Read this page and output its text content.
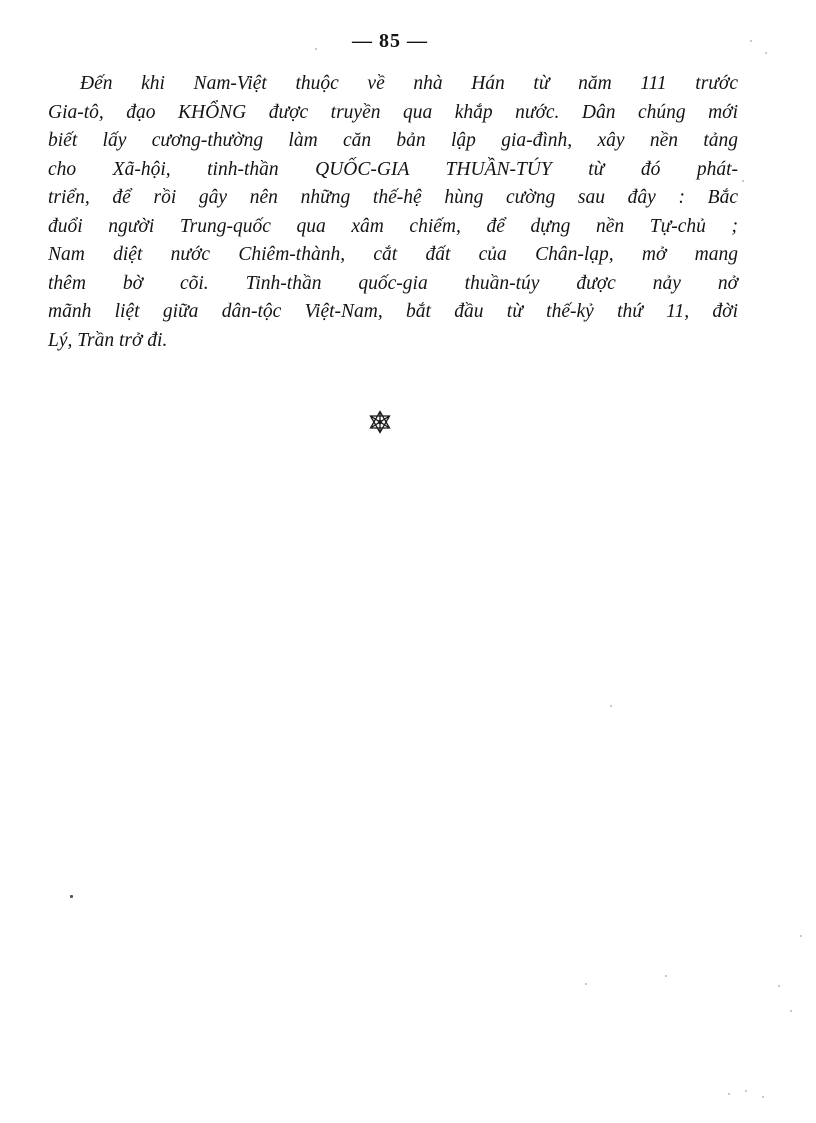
— 85 —
Đến khi Nam-Việt thuộc về nhà Hán từ năm 111 trước
Gia-tô, đạo KHỔNG được truyền qua khắp nước. Dân chúng mới
biết lấy cương-thường làm căn bản lập gia-đình, xây nền tảng
cho Xã-hội, tinh-thần QUỐC-GIA THUẦN-TÚY từ đó phát-
triển, để rồi gây nên những thế-hệ hùng cường sau đây : Bắc
đuổi người Trung-quốc qua xâm chiếm, để dựng nền Tự-chủ ;
Nam diệt nước Chiêm-thành, cắt đất của Chân-lạp, mở mang
thêm bờ cõi. Tinh-thần quốc-gia thuần-túy được nảy nở
mãnh liệt giữa dân-tộc Việt-Nam, bắt đầu từ thế-kỷ thứ 11, đời
Lý, Trần trở đi.
